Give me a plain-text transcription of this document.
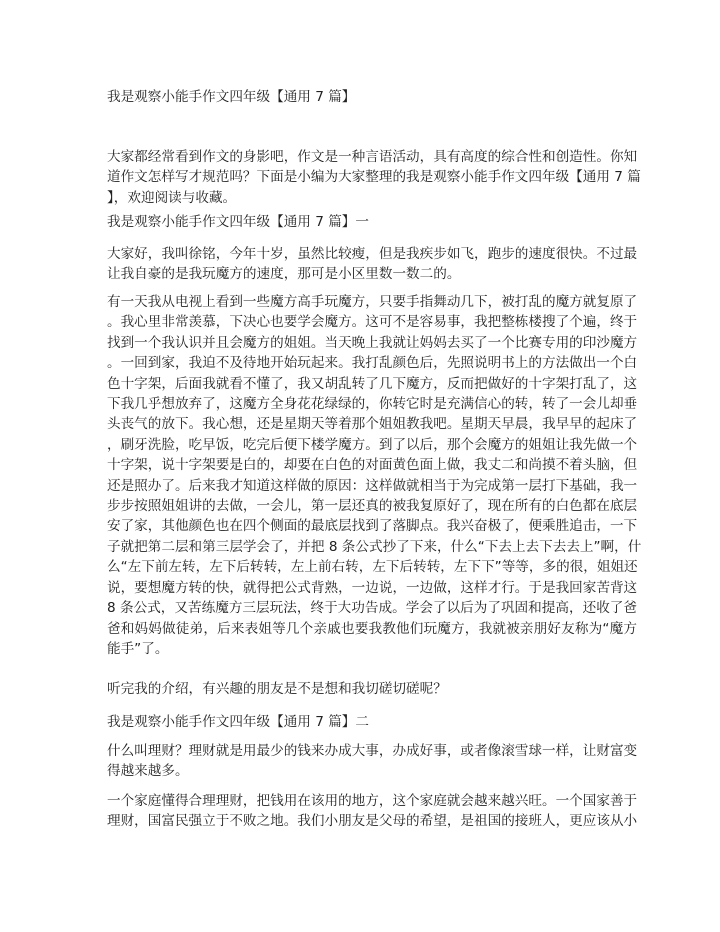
我是观察小能手作文四年级【通用 7 篇】
大家都经常看到作文的身影吧，作文是一种言语活动，具有高度的综合性和创造性。你知
道作文怎样写才规范吗？下面是小编为大家整理的我是观察小能手作文四年级【通用 7 篇
】，欢迎阅读与收藏。
我是观察小能手作文四年级【通用 7 篇】一
大家好，我叫徐铭，今年十岁，虽然比较瘦，但是我疾步如飞，跑步的速度很快。不过最
让我自豪的是我玩魔方的速度，那可是小区里数一数二的。
有一天我从电视上看到一些魔方高手玩魔方，只要手指舞动几下，被打乱的魔方就复原了
。我心里非常羡慕，下决心也要学会魔方。这可不是容易事，我把整栋楼搜了个遍，终于
找到一个我认识并且会魔方的姐姐。当天晚上我就让妈妈去买了一个比赛专用的印沙魔方
。一回到家，我迫不及待地开始玩起来。我打乱颜色后，先照说明书上的方法做出一个白
色十字架，后面我就看不懂了，我又胡乱转了几下魔方，反而把做好的十字架打乱了，这
下我几乎想放弃了，这魔方全身花花绿绿的，你转它时是充满信心的转，转了一会儿却垂
头丧气的放下。我心想，还是星期天等着那个姐姐教我吧。星期天早晨，我早早的起床了
，刷牙洗脸，吃早饭，吃完后便下楼学魔方。到了以后，那个会魔方的姐姐让我先做一个
十字架，说十字架要是白的，却要在白色的对面黄色面上做，我丈二和尚摸不着头脑，但
还是照办了。后来我才知道这样做的原因：这样做就相当于为完成第一层打下基础，我一
步步按照姐姐讲的去做，一会儿，第一层还真的被我复原好了，现在所有的白色都在底层
安了家，其他颜色也在四个侧面的最底层找到了落脚点。我兴奋极了，便乘胜追击，一下
子就把第二层和第三层学会了，并把 8 条公式抄了下来，什么“下去上去下去去上”啊，什
么“左下前左转，左下后转转，左上前右转，左下后转转，左下下”等等，多的很，姐姐还
说，要想魔方转的快，就得把公式背熟，一边说，一边做，这样才行。于是我回家苦背这
8 条公式，又苦练魔方三层玩法，终于大功告成。学会了以后为了巩固和提高，还收了爸
爸和妈妈做徒弟，后来表姐等几个亲戚也要我教他们玩魔方，我就被亲朋好友称为“魔方
能手”了。
听完我的介绍，有兴趣的朋友是不是想和我切磋切磋呢？
我是观察小能手作文四年级【通用 7 篇】二
什么叫理财？理财就是用最少的钱来办成大事，办成好事，或者像滚雪球一样，让财富变
得越来越多。
一个家庭懂得合理理财，把钱用在该用的地方，这个家庭就会越来越兴旺。一个国家善于
理财，国富民强立于不败之地。我们小朋友是父母的希望，是祖国的接班人，更应该从小
